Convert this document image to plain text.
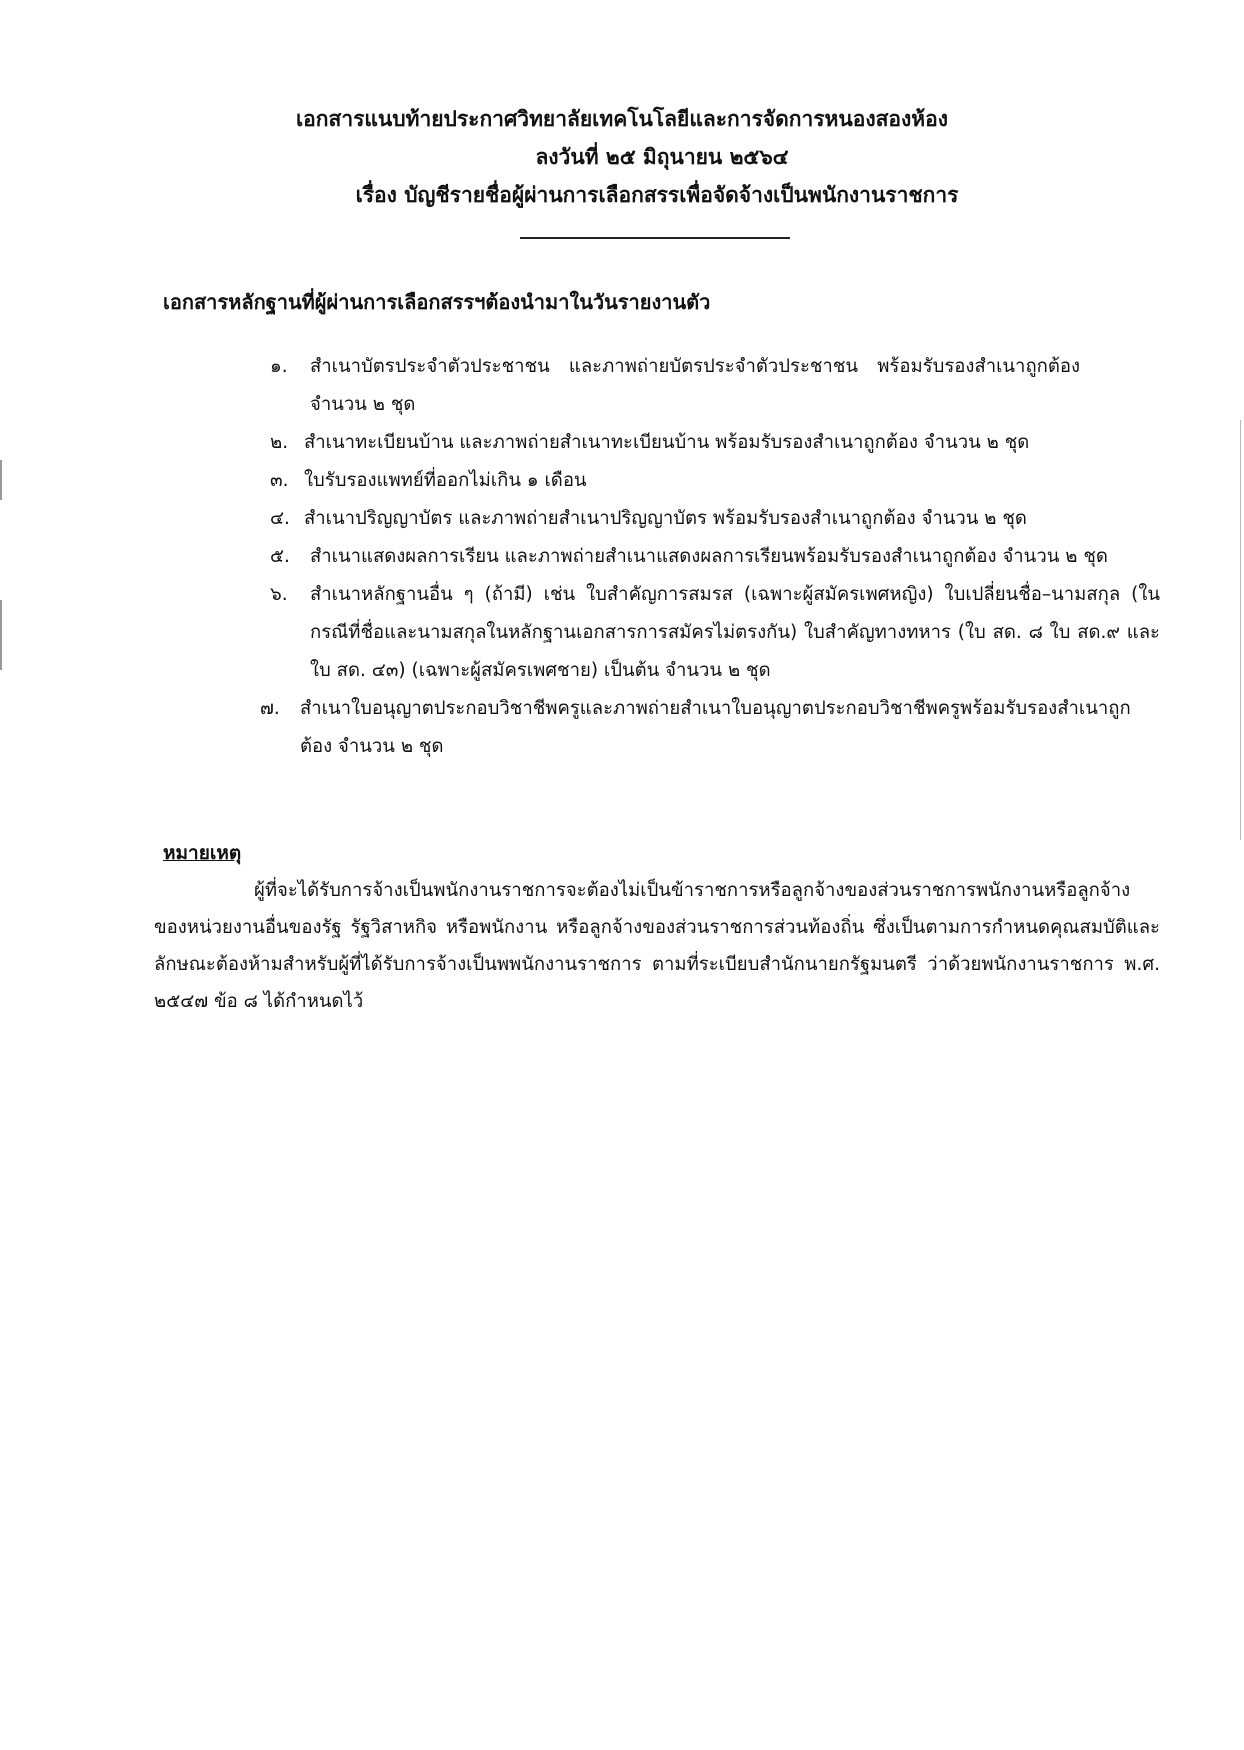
เอกสารแนบท้ายประกาศวิทยาลัยเทคโนโลยีและการจัดการหนองสองห้อง
ลงวันที่ ๒๕ มิถุนายน ๒๕๖๔
เรื่อง บัญชีรายชื่อผู้ผ่านการเลือกสรรเพื่อจัดจ้างเป็นพนักงานราชการ
เอกสารหลักฐานที่ผู้ผ่านการเลือกสรรฯต้องนำมาในวันรายงานตัว
๑. สำเนาบัตรประจำตัวประชาชน และภาพถ่ายบัตรประจำตัวประชาชน พร้อมรับรองสำเนาถูกต้อง จำนวน ๒ ชุด
๒. สำเนาทะเบียนบ้าน และภาพถ่ายสำเนาทะเบียนบ้าน พร้อมรับรองสำเนาถูกต้อง จำนวน ๒ ชุด
๓. ใบรับรองแพทย์ที่ออกไม่เกิน ๑ เดือน
๔. สำเนาปริญญาบัตร และภาพถ่ายสำเนาปริญญาบัตร พร้อมรับรองสำเนาถูกต้อง จำนวน ๒ ชุด
๕. สำเนาแสดงผลการเรียน และภาพถ่ายสำเนาแสดงผลการเรียนพร้อมรับรองสำเนาถูกต้อง จำนวน ๒ ชุด
๖. สำเนาหลักฐานอื่น ๆ (ถ้ามี) เช่น ใบสำคัญการสมรส (เฉพาะผู้สมัครเพศหญิง) ใบเปลี่ยนชื่อ–นามสกุล (ในกรณีที่ชื่อและนามสกุลในหลักฐานเอกสารการสมัครไม่ตรงกัน) ใบสำคัญทางทหาร (ใบ สด. ๘ ใบ สด.๙ และ ใบ สด. ๔๓) (เฉพาะผู้สมัครเพศชาย) เป็นต้น จำนวน ๒ ชุด
๗. สำเนาใบอนุญาตประกอบวิชาชีพครูและภาพถ่ายสำเนาใบอนุญาตประกอบวิชาชีพครูพร้อมรับรองสำเนาถูกต้อง จำนวน ๒ ชุด
หมายเหตุ

ผู้ที่จะได้รับการจ้างเป็นพนักงานราชการจะต้องไม่เป็นข้าราชการหรือลูกจ้างของส่วนราชการพนักงานหรือลูกจ้างของหน่วยงานอื่นของรัฐ รัฐวิสาหกิจ หรือพนักงาน หรือลูกจ้างของส่วนราชการส่วนท้องถิ่น ซึ่งเป็นตามการกำหนดคุณสมบัติและลักษณะต้องห้ามสำหรับผู้ที่ได้รับการจ้างเป็นพพนักงานราชการ ตามที่ระเบียบสำนักนายกรัฐมนตรี ว่าด้วยพนักงานราชการ พ.ศ. ๒๕๔๗ ข้อ ๘ ได้กำหนดไว้
